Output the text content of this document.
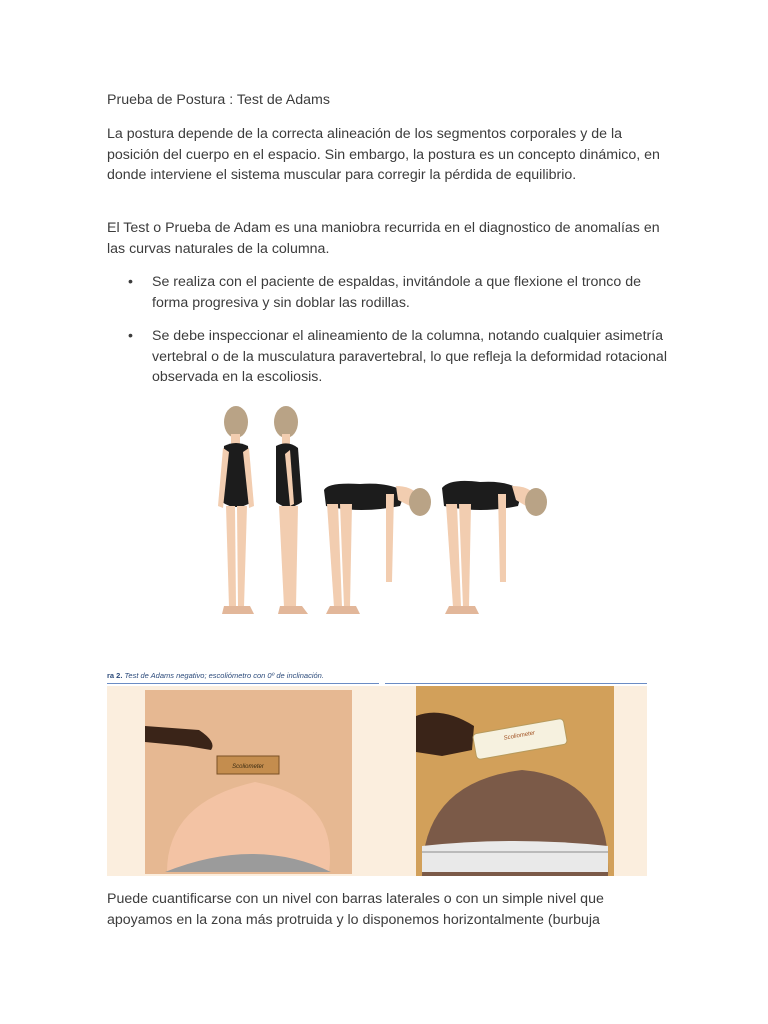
Prueba de Postura : Test de Adams
La postura depende de la correcta alineación de los segmentos corporales y de la posición del cuerpo en el espacio. Sin embargo, la postura es un concepto dinámico, en donde interviene el sistema muscular para corregir la pérdida de equilibrio.
El Test o Prueba de Adam es una maniobra recurrida en el diagnostico de anomalías en las curvas naturales de la columna.
• Se realiza con el paciente de espaldas, invitándole a que flexione el tronco de forma progresiva y sin doblar las rodillas.
• Se debe inspeccionar el alineamiento de la columna, notando cualquier asimetría vertebral o de la musculatura paravertebral, lo que refleja la deformidad rotacional observada en la escoliosis.
ra 2. Test de Adams negativo; escoliómetro con 0º de inclinación.
Scoliometer
Scoliometer
Puede cuantificarse con un nivel con barras laterales o con un simple nivel que apoyamos en la zona más protruida y lo disponemos horizontalmente (burbuja
